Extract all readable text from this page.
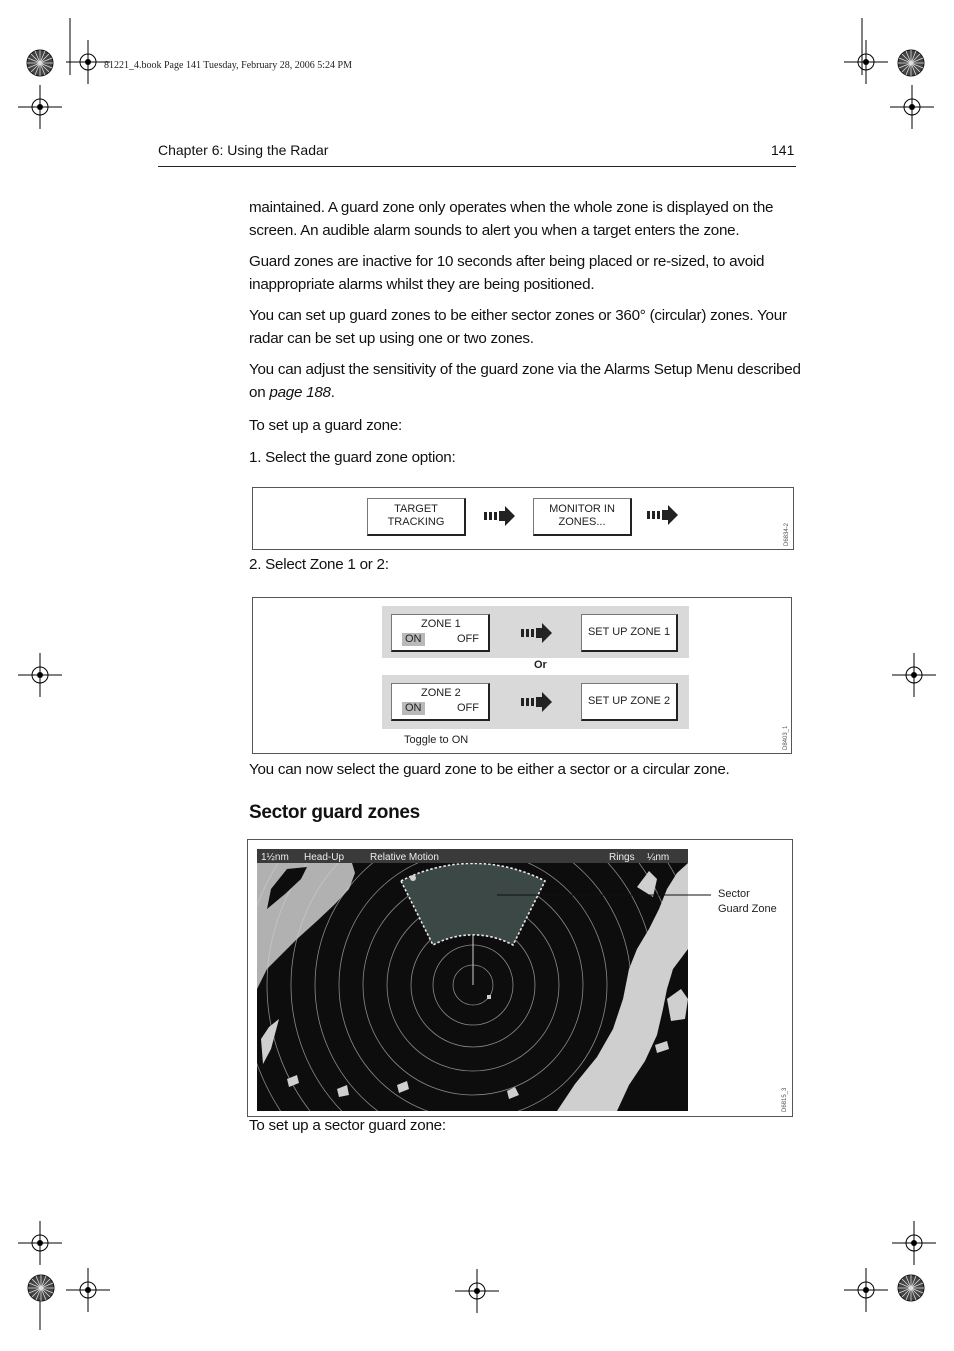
81221_4.book Page 141 Tuesday, February 28, 2006 5:24 PM
Chapter 6: Using the Radar	141
maintained. A guard zone only operates when the whole zone is displayed on the
screen. An audible alarm sounds to alert you when a target enters the zone.
Guard zones are inactive for 10 seconds after being placed or re-sized, to avoid
inappropriate alarms whilst they are being positioned.
You can set up guard zones to be either sector zones or 360° (circular) zones. Your
radar can be set up using one or two zones.
You can adjust the sensitivity of the guard zone via the Alarms Setup Menu described
on page 188.
To set up a guard zone:
1. Select the guard zone option:
TARGET
TRACKING
MONITOR IN
ZONES...
D6834-2
2. Select Zone 1 or 2:
ZONE 1
ON	OFF
SET UP ZONE 1
Or
ZONE 2
ON	OFF
SET UP ZONE 2
Toggle to ON	D8403_1
You can now select the guard zone to be either a sector or a circular zone.
Sector guard zones
1½nm Head-Up	Relative Motion	Rings ¼nm
Sector
Guard Zone
D6815_3
To set up a sector guard zone:
